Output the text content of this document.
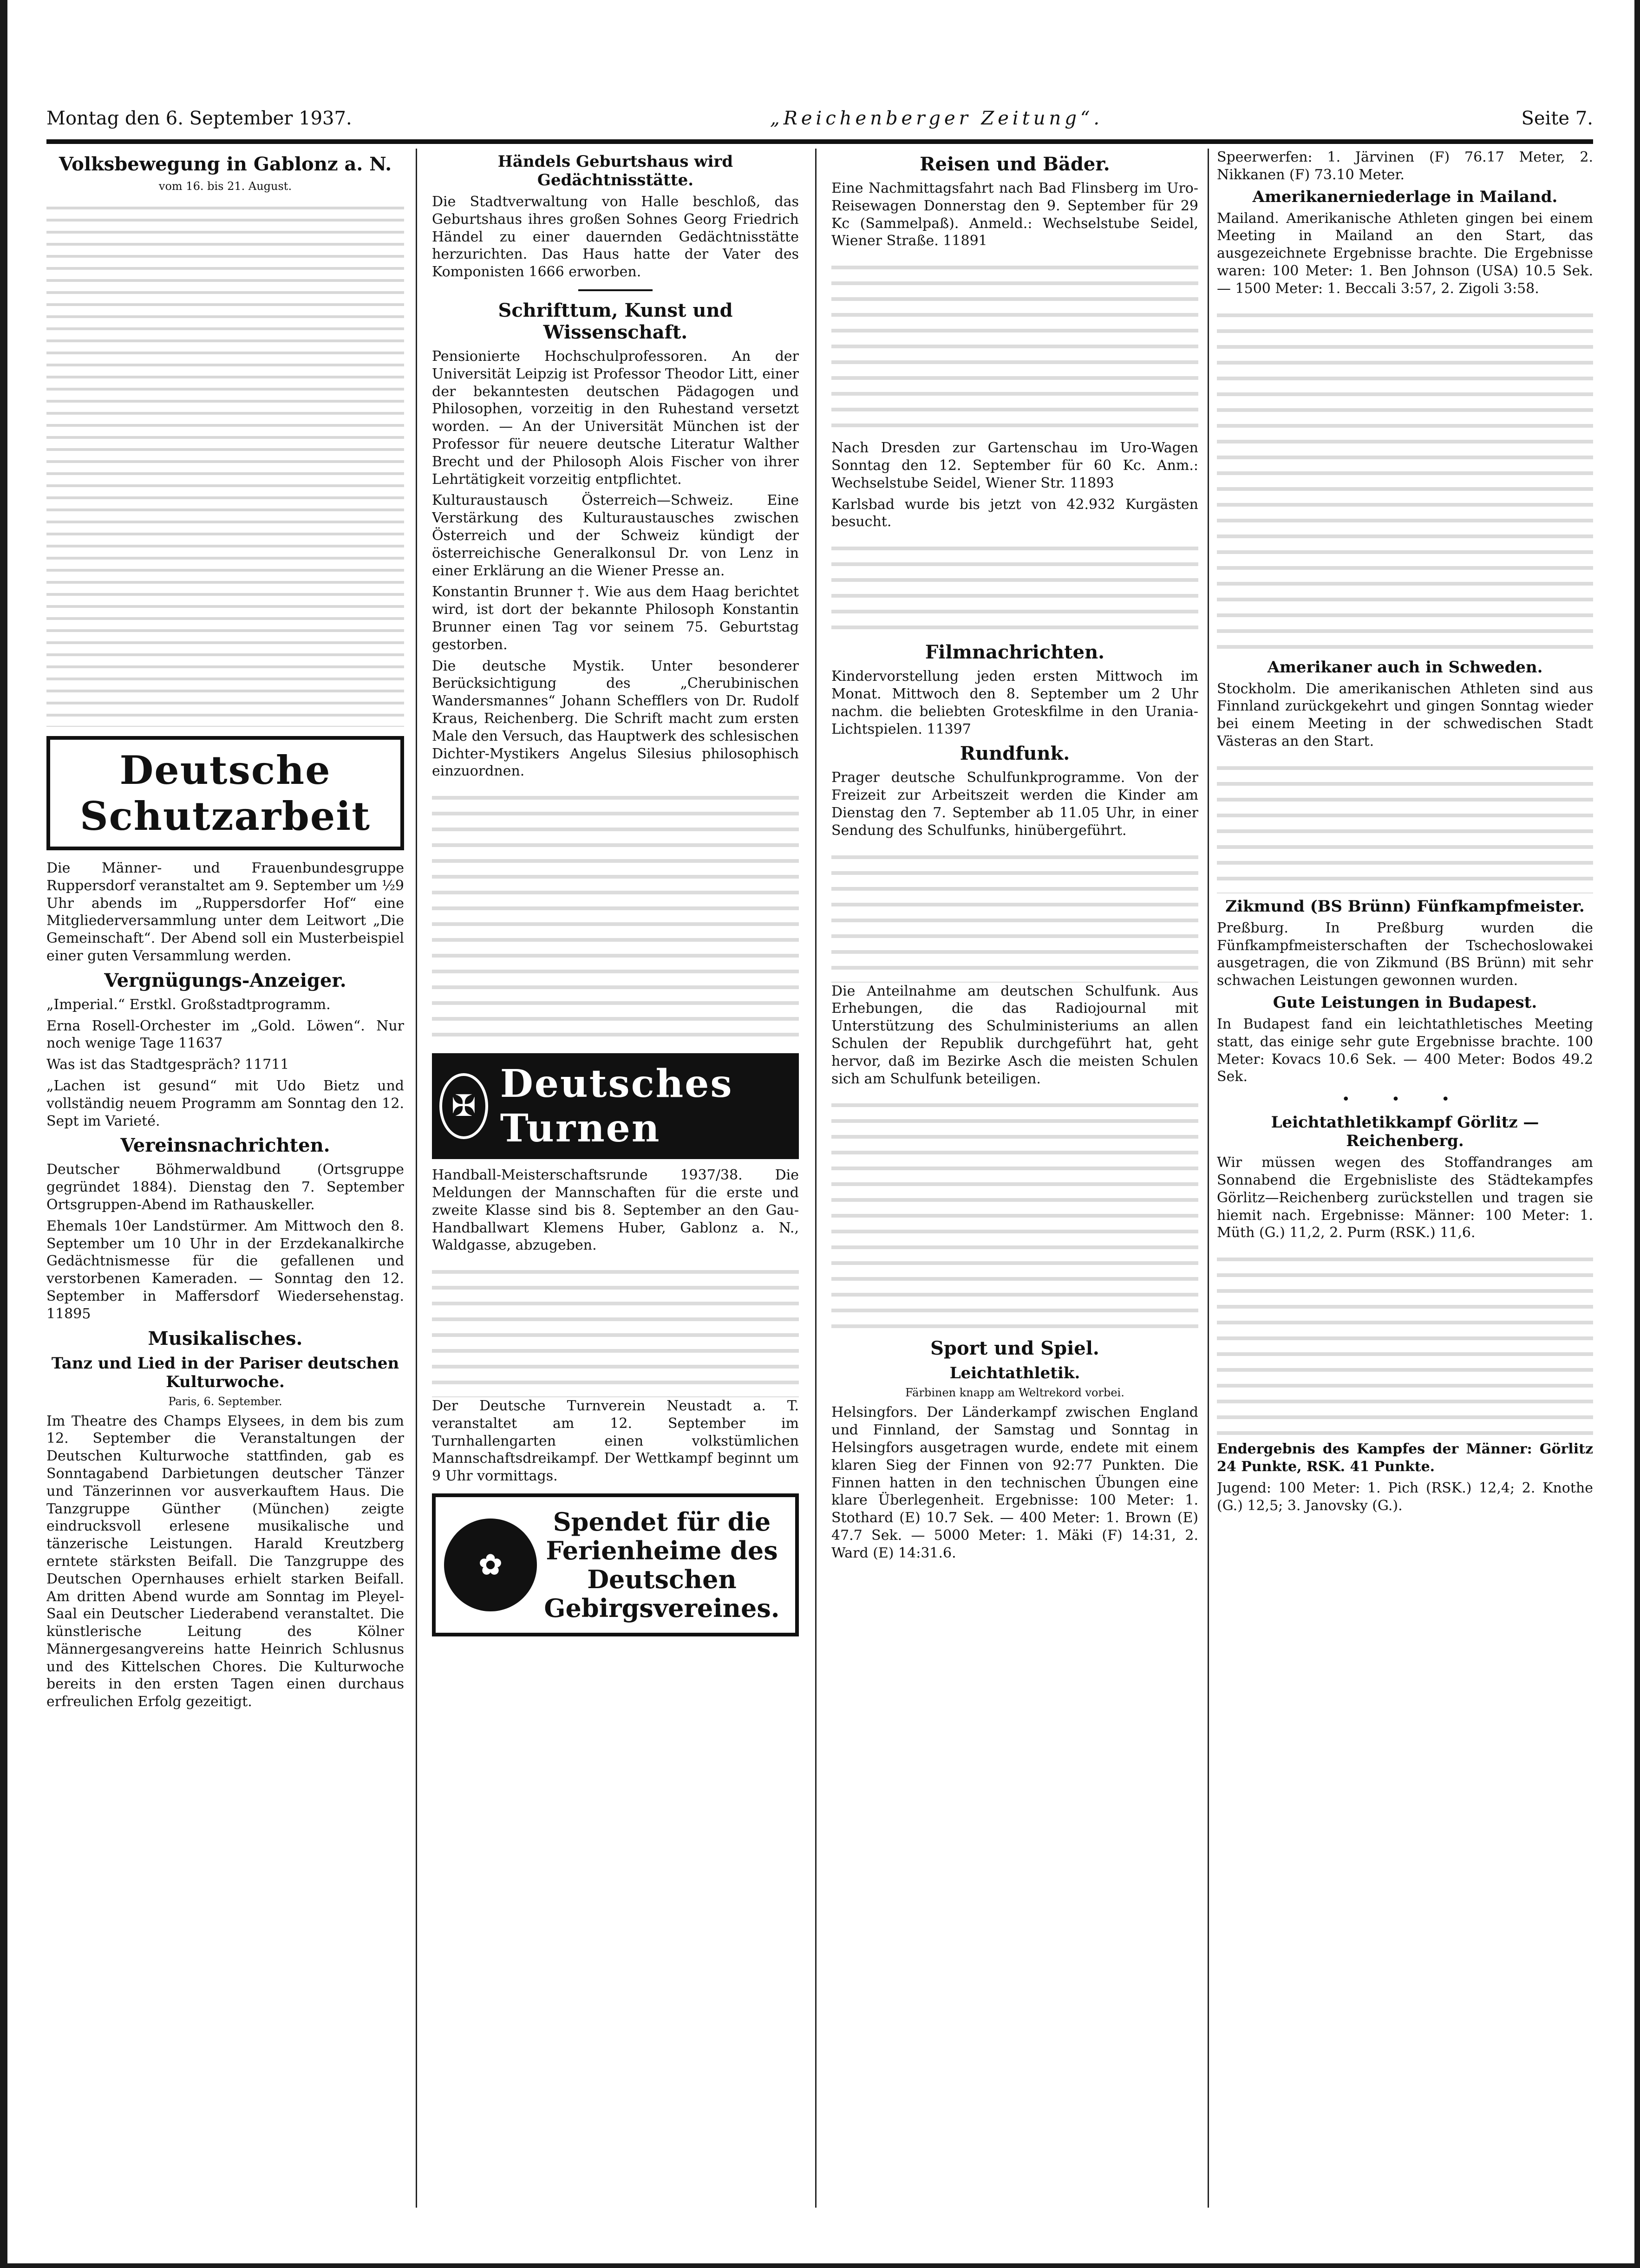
Montag den 6. September 1937.	„Reichenberger Zeitung“.	Seite 7.
Volksbewegung in Gablonz a. N.
vom 16. bis 21. August.
Deutsche Schutzarbeit

Die Männer- und Frauenbundesgruppe Ruppersdorf veranstaltet am 9. September um ½9 Uhr abends im „Ruppersdorfer Hof“ eine Mitgliederversammlung unter dem Leitwort „Die Gemeinschaft“. Der Abend soll ein Musterbeispiel einer guten Versammlung werden.

Vergnügungs-Anzeiger.

„Imperial.“ Erstkl. Großstadtprogramm.

Erna Rosell-Orchester im „Gold. Löwen“. Nur noch wenige Tage 11637

Was ist das Stadtgespräch? 11711

„Lachen ist gesund“ mit Udo Bietz und vollständig neuem Programm am Sonntag den 12. Sept im Varieté.

Vereinsnachrichten.

Deutscher Böhmerwaldbund (Ortsgruppe gegründet 1884). Dienstag den 7. September Ortsgruppen-Abend im Rathauskeller.

Ehemals 10er Landstürmer. Am Mittwoch den 8. September um 10 Uhr in der Erzdekanalkirche Gedächtnismesse für die gefallenen und verstorbenen Kameraden. — Sonntag den 12. September in Maffersdorf Wiedersehenstag. 11895

Musikalisches.
Tanz und Lied in der Pariser deutschen Kulturwoche.
Paris, 6. September.

Im Theatre des Champs Elysees, in dem bis zum 12. September die Veranstaltungen der Deutschen Kulturwoche stattfinden, gab es Sonntagabend Darbietungen deutscher Tänzer und Tänzerinnen vor ausverkauftem Haus. Die Tanzgruppe Günther (München) zeigte eindrucksvoll erlesene musikalische und tänzerische Leistungen. Harald Kreutzberg erntete stärksten Beifall. Die Tanzgruppe des Deutschen Opernhauses erhielt starken Beifall. Am dritten Abend wurde am Sonntag im Pleyel-Saal ein Deutscher Liederabend veranstaltet. Die künstlerische Leitung des Kölner Männergesangvereins hatte Heinrich Schlusnus und des Kittelschen Chores. Die Kulturwoche bereits in den ersten Tagen einen durchaus erfreulichen Erfolg gezeitigt.

Händels Geburtshaus wird Gedächtnisstätte.

Die Stadtverwaltung von Halle beschloß, das Geburtshaus ihres großen Sohnes Georg Friedrich Händel zu einer dauernden Gedächtnisstätte herzurichten. Das Haus hatte der Vater des Komponisten 1666 erworben.

Schrifttum, Kunst und Wissenschaft.

Pensionierte Hochschulprofessoren. An der Universität Leipzig ist Professor Theodor Litt, einer der bekanntesten deutschen Pädagogen und Philosophen, vorzeitig in den Ruhestand versetzt worden. — An der Universität München ist der Professor für neuere deutsche Literatur Walther Brecht und der Philosoph Alois Fischer von ihrer Lehrtätigkeit vorzeitig entpflichtet.

Kulturaustausch Österreich—Schweiz. Eine Verstärkung des Kulturaustausches zwischen Österreich und der Schweiz kündigt der österreichische Generalkonsul Dr. von Lenz in einer Erklärung an die Wiener Presse an.

Konstantin Brunner †. Wie aus dem Haag berichtet wird, ist dort der bekannte Philosoph Konstantin Brunner einen Tag vor seinem 75. Geburtstag gestorben.

Die deutsche Mystik. Unter besonderer Berücksichtigung des „Cherubinischen Wandersmannes“ Johann Schefflers von Dr. Rudolf Kraus, Reichenberg. Die Schrift macht zum ersten Male den Versuch, das Hauptwerk des schlesischen Dichter-Mystikers Angelus Silesius philosophisch einzuordnen.

✠ Deutsches Turnen

Handball-Meisterschaftsrunde 1937/38. Die Meldungen der Mannschaften für die erste und zweite Klasse sind bis 8. September an den Gau-Handballwart Klemens Huber, Gablonz a. N., Waldgasse, abzugeben.

Der Deutsche Turnverein Neustadt a. T. veranstaltet am 12. September im Turnhallengarten einen volkstümlichen Mannschaftsdreikampf. Der Wettkampf beginnt um 9 Uhr vormittags.

✿
Spendet für die Ferienheime des Deutschen Gebirgsvereines.
Reisen und Bäder.

Eine Nachmittagsfahrt nach Bad Flinsberg im Uro-Reisewagen Donnerstag den 9. September für 29 Kc (Sammelpaß). Anmeld.: Wechselstube Seidel, Wiener Straße. 11891

Nach Dresden zur Gartenschau im Uro-Wagen Sonntag den 12. September für 60 Kc. Anm.: Wechselstube Seidel, Wiener Str. 11893

Karlsbad wurde bis jetzt von 42.932 Kurgästen besucht.

Filmnachrichten.

Kindervorstellung jeden ersten Mittwoch im Monat. Mittwoch den 8. September um 2 Uhr nachm. die beliebten Groteskfilme in den Urania-Lichtspielen. 11397

Rundfunk.

Prager deutsche Schulfunkprogramme. Von der Freizeit zur Arbeitszeit werden die Kinder am Dienstag den 7. September ab 11.05 Uhr, in einer Sendung des Schulfunks, hinübergeführt.

Die Anteilnahme am deutschen Schulfunk. Aus Erhebungen, die das Radiojournal mit Unterstützung des Schulministeriums an allen Schulen der Republik durchgeführt hat, geht hervor, daß im Bezirke Asch die meisten Schulen sich am Schulfunk beteiligen.

Sport und Spiel.
Leichtathletik.
Färbinen knapp am Weltrekord vorbei.

Helsingfors. Der Länderkampf zwischen England und Finnland, der Samstag und Sonntag in Helsingfors ausgetragen wurde, endete mit einem klaren Sieg der Finnen von 92:77 Punkten. Die Finnen hatten in den technischen Übungen eine klare Überlegenheit. Ergebnisse: 100 Meter: 1. Stothard (E) 10.7 Sek. — 400 Meter: 1. Brown (E) 47.7 Sek. — 5000 Meter: 1. Mäki (F) 14:31, 2. Ward (E) 14:31.6.

Speerwerfen: 1. Järvinen (F) 76.17 Meter, 2. Nikkanen (F) 73.10 Meter.

Amerikanerniederlage in Mailand.

Mailand. Amerikanische Athleten gingen bei einem Meeting in Mailand an den Start, das ausgezeichnete Ergebnisse brachte. Die Ergebnisse waren: 100 Meter: 1. Ben Johnson (USA) 10.5 Sek. — 1500 Meter: 1. Beccali 3:57, 2. Zigoli 3:58.

Amerikaner auch in Schweden.

Stockholm. Die amerikanischen Athleten sind aus Finnland zurückgekehrt und gingen Sonntag wieder bei einem Meeting in der schwedischen Stadt Västeras an den Start.

Zikmund (BS Brünn) Fünfkampfmeister.

Preßburg. In Preßburg wurden die Fünfkampfmeisterschaften der Tschechoslowakei ausgetragen, die von Zikmund (BS Brünn) mit sehr schwachen Leistungen gewonnen wurden.

Gute Leistungen in Budapest.

In Budapest fand ein leichtathletisches Meeting statt, das einige sehr gute Ergebnisse brachte. 100 Meter: Kovacs 10.6 Sek. — 400 Meter: Bodos 49.2 Sek.

• • •
Leichtathletikkampf Görlitz — Reichenberg.

Wir müssen wegen des Stoffandranges am Sonnabend die Ergebnisliste des Städtekampfes Görlitz—Reichenberg zurückstellen und tragen sie hiemit nach. Ergebnisse: Männer: 100 Meter: 1. Müth (G.) 11,2, 2. Purm (RSK.) 11,6.

Endergebnis des Kampfes der Männer: Görlitz 24 Punkte, RSK. 41 Punkte.

Jugend: 100 Meter: 1. Pich (RSK.) 12,4; 2. Knothe (G.) 12,5; 3. Janovsky (G.).
